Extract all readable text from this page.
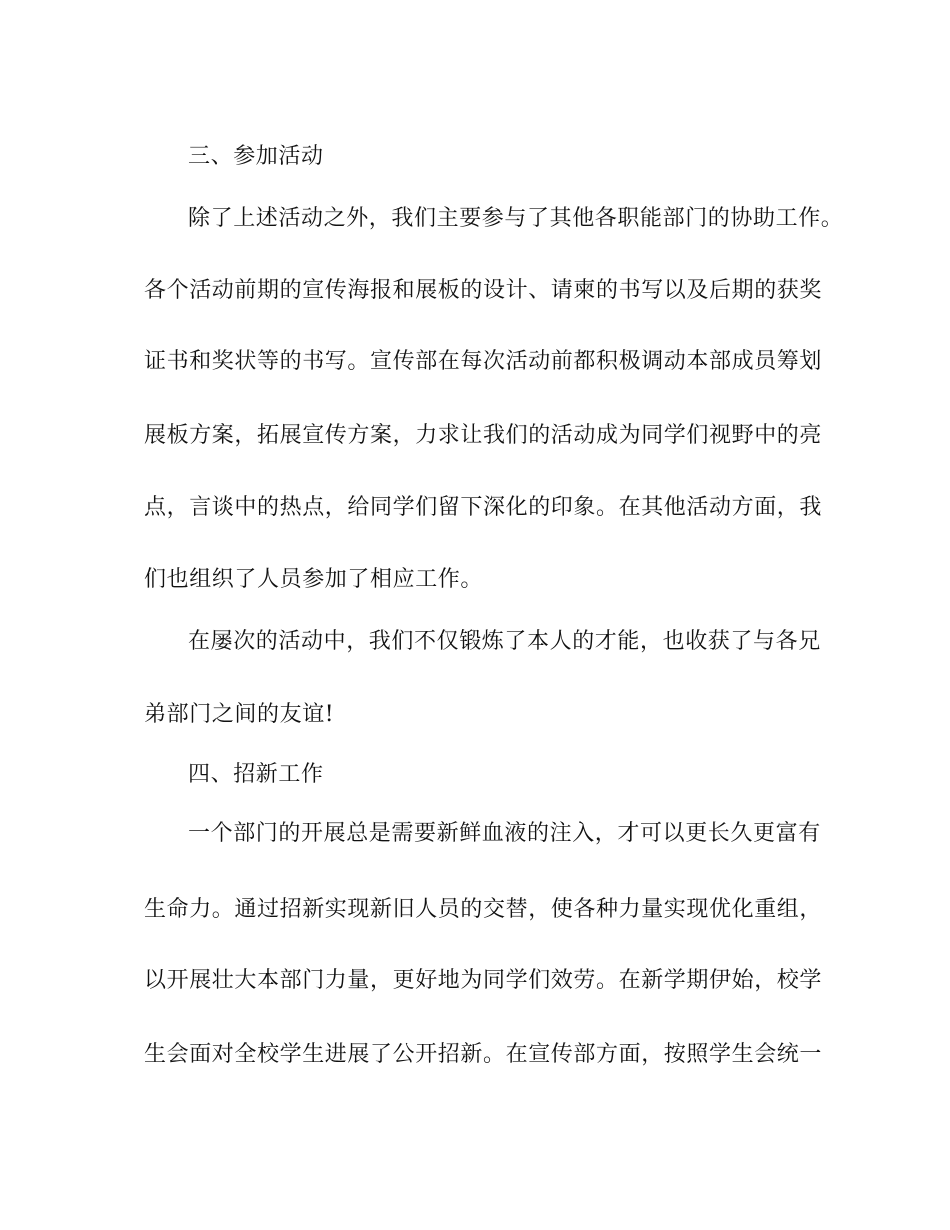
三、参加活动
除了上述活动之外，我们主要参与了其他各职能部门的协助工作。
各个活动前期的宣传海报和展板的设计、请柬的书写以及后期的获奖
证书和奖状等的书写。宣传部在每次活动前都积极调动本部成员筹划
展板方案，拓展宣传方案，力求让我们的活动成为同学们视野中的亮
点，言谈中的热点，给同学们留下深化的印象。在其他活动方面，我
们也组织了人员参加了相应工作。
在屡次的活动中，我们不仅锻炼了本人的才能，也收获了与各兄
弟部门之间的友谊!
四、招新工作
一个部门的开展总是需要新鲜血液的注入，才可以更长久更富有
生命力。通过招新实现新旧人员的交替，使各种力量实现优化重组，
以开展壮大本部门力量，更好地为同学们效劳。在新学期伊始，校学
生会面对全校学生进展了公开招新。在宣传部方面，按照学生会统一
